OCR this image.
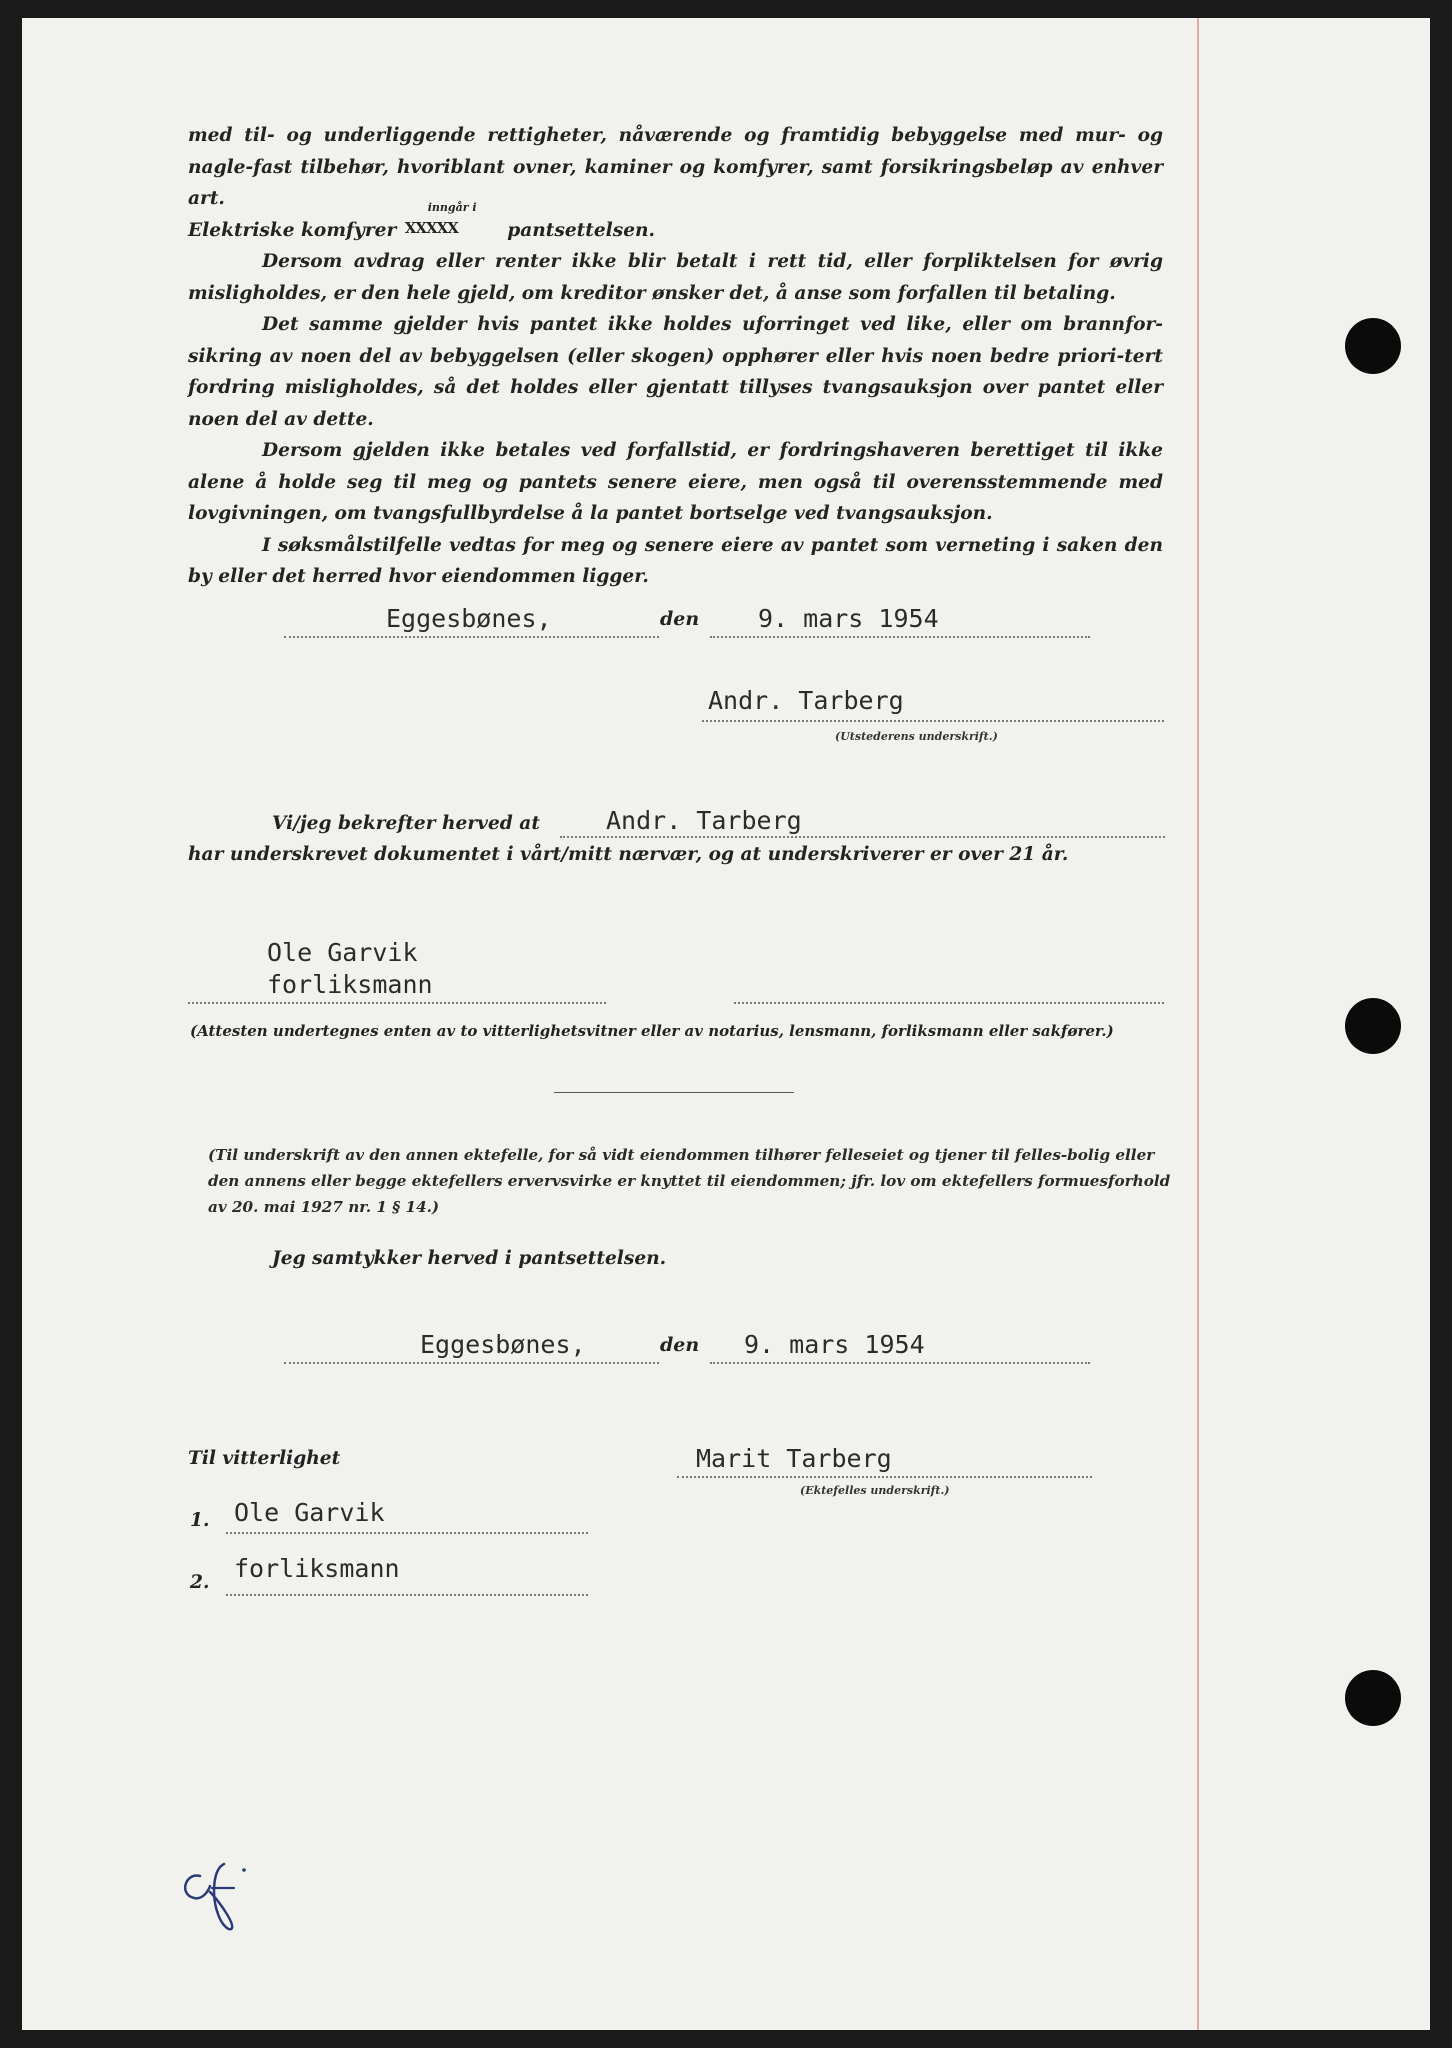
med til- og underliggende rettigheter, nåværende og framtidig bebyggelse med mur- og nagle-fast tilbehør, hvoriblant ovner, kaminer og komfyrer, samt forsikringsbeløp av enhver art.

Elektriske komfyrer
inngår i
XXXXX	pantsettelsen.

Dersom avdrag eller renter ikke blir betalt i rett tid, eller forpliktelsen for øvrig misligholdes, er den hele gjeld, om kreditor ønsker det, å anse som forfallen til betaling.

Det samme gjelder hvis pantet ikke holdes uforringet ved like, eller om brannfor-sikring av noen del av bebyggelsen (eller skogen) opphører eller hvis noen bedre priori-tert fordring misligholdes, så det holdes eller gjentatt tillyses tvangsauksjon over pantet eller noen del av dette.

Dersom gjelden ikke betales ved forfallstid, er fordringshaveren berettiget til ikke alene å holde seg til meg og pantets senere eiere, men også til overensstemmende med lovgivningen, om tvangsfullbyrdelse å la pantet bortselge ved tvangsauksjon.

I søksmålstilfelle vedtas for meg og senere eiere av pantet som verneting i saken den by eller det herred hvor eiendommen ligger.

Eggesbønes,	den 9. mars 1954
Andr. Tarberg
(Utstederens underskrift.)
Vi/jeg bekrefter herved at	Andr. Tarberg
har underskrevet dokumentet i vårt/mitt nærvær, og at underskriverer er over 21 år.
Ole Garvik
forliksmann
(Attesten undertegnes enten av to vitterlighetsvitner eller av notarius, lensmann, forliksmann eller sakfører.)

(Til underskrift av den annen ektefelle, for så vidt eiendommen tilhører felleseiet og tjener til felles-bolig eller den annens eller begge ektefellers ervervsvirke er knyttet til eiendommen; jfr. lov om ektefellers formuesforhold av 20. mai 1927 nr. 1 § 14.)

Jeg samtykker herved i pantsettelsen.
Eggesbønes,	den 9. mars 1954
Til vitterlighet	Marit Tarberg
(Ektefelles underskrift.)
1. Ole Garvik
forliksmann
2.
